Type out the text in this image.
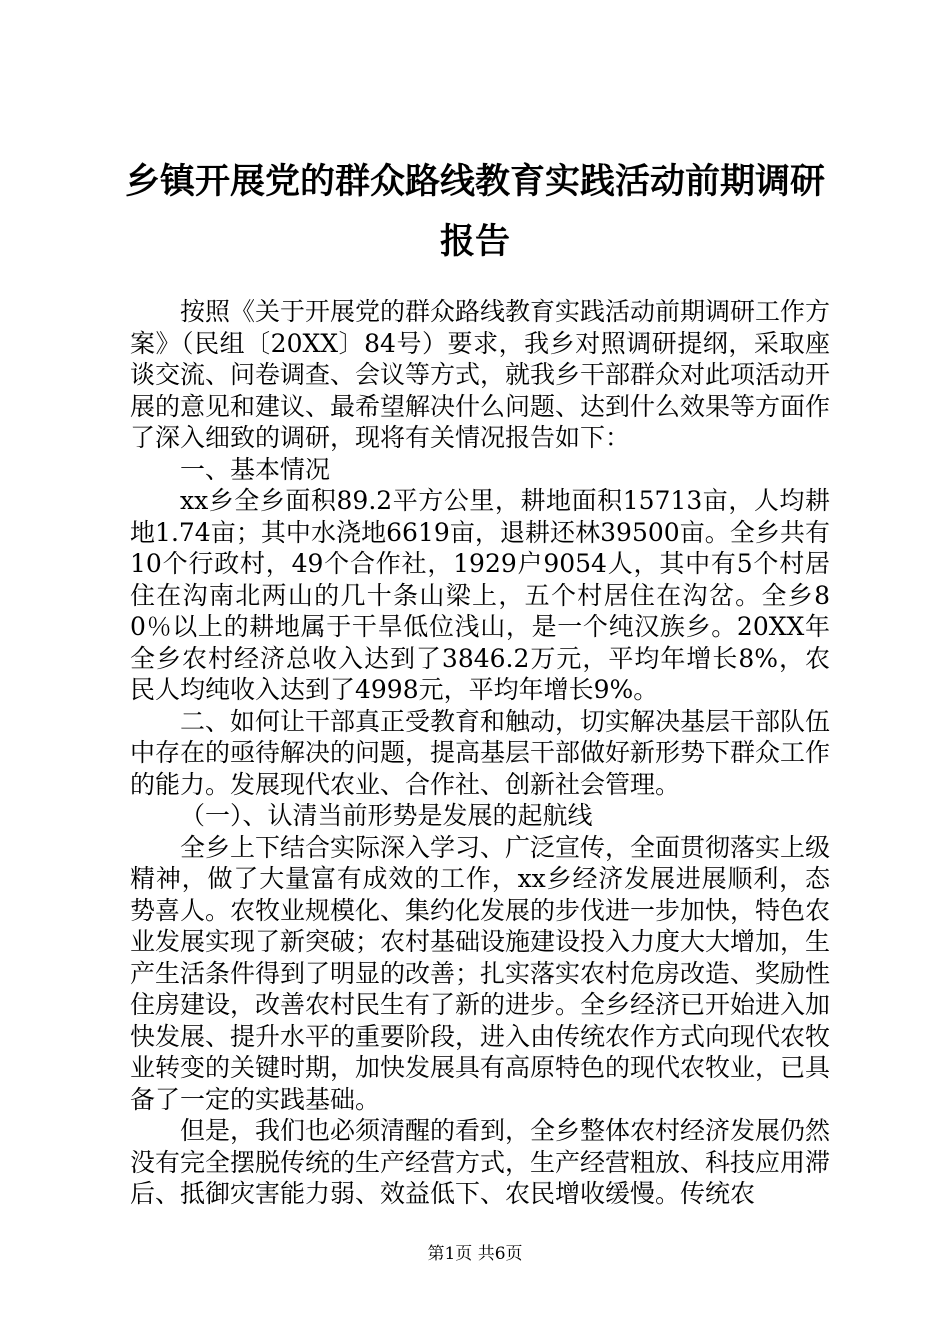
乡镇开展党的群众路线教育实践活动前期调研
报告

按照《关于开展党的群众路线教育实践活动前期调研工作方案》（民组〔20XX〕84号）要求，我乡对照调研提纲，采取座谈交流、问卷调查、会议等方式，就我乡干部群众对此项活动开展的意见和建议、最希望解决什么问题、达到什么效果等方面作了深入细致的调研，现将有关情况报告如下：

一、基本情况

xx乡全乡面积89.2平方公里，耕地面积15713亩，人均耕地1.74亩；其中水浇地6619亩，退耕还林39500亩。全乡共有10个行政村，49个合作社，1929户9054人，其中有5个村居住在沟南北两山的几十条山梁上，五个村居住在沟岔。全乡80％以上的耕地属于干旱低位浅山，是一个纯汉族乡。20XX年全乡农村经济总收入达到了3846.2万元，平均年增长8%，农民人均纯收入达到了4998元，平均年增长9%。

二、如何让干部真正受教育和触动，切实解决基层干部队伍中存在的亟待解决的问题，提高基层干部做好新形势下群众工作的能力。发展现代农业、合作社、创新社会管理。

（一）、认清当前形势是发展的起航线

全乡上下结合实际深入学习、广泛宣传，全面贯彻落实上级精神，做了大量富有成效的工作，xx乡经济发展进展顺利，态势喜人。农牧业规模化、集约化发展的步伐进一步加快，特色农业发展实现了新突破；农村基础设施建设投入力度大大增加，生产生活条件得到了明显的改善；扎实落实农村危房改造、奖励性住房建设，改善农村民生有了新的进步。全乡经济已开始进入加快发展、提升水平的重要阶段，进入由传统农作方式向现代农牧业转变的关键时期，加快发展具有高原特色的现代农牧业，已具备了一定的实践基础。

但是，我们也必须清醒的看到，全乡整体农村经济发展仍然没有完全摆脱传统的生产经营方式，生产经营粗放、科技应用滞后、抵御灾害能力弱、效益低下、农民增收缓慢。传统农

第1页 共6页
